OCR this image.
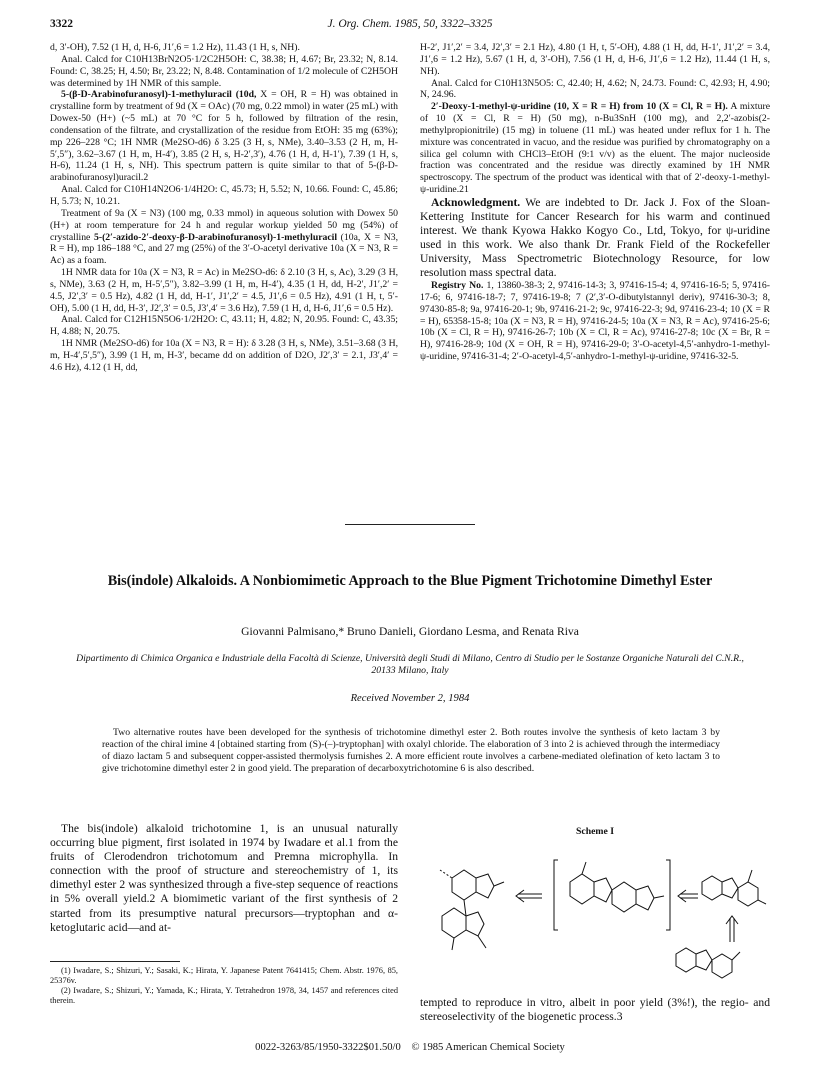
3322	J. Org. Chem. 1985, 50, 3322–3325

d, 3′-OH), 7.52 (1 H, d, H-6, J1′,6 = 1.2 Hz), 11.43 (1 H, s, NH).

Anal. Calcd for C10H13BrN2O5·1/2C2H5OH: C, 38.38; H, 4.67; Br, 23.32; N, 8.14. Found: C, 38.25; H, 4.50; Br, 23.22; N, 8.48. Contamination of 1/2 molecule of C2H5OH was determined by 1H NMR of this sample.

5-(β-D-Arabinofuranosyl)-1-methyluracil (10d, X = OH, R = H) was obtained in crystalline form by treatment of 9d (X = OAc) (70 mg, 0.22 mmol) in water (25 mL) with Dowex-50 (H+) (~5 mL) at 70 °C for 5 h, followed by filtration of the resin, condensation of the filtrate, and crystallization of the residue from EtOH: 35 mg (63%); mp 226–228 °C; 1H NMR (Me2SO-d6) δ 3.25 (3 H, s, NMe), 3.40–3.53 (2 H, m, H-5′,5″), 3.62–3.67 (1 H, m, H-4′), 3.85 (2 H, s, H-2′,3′), 4.76 (1 H, d, H-1′), 7.39 (1 H, s, H-6), 11.24 (1 H, s, NH). This spectrum pattern is quite similar to that of 5-(β-D-arabinofuranosyl)uracil.2

Anal. Calcd for C10H14N2O6·1/4H2O: C, 45.73; H, 5.52; N, 10.66. Found: C, 45.86; H, 5.73; N, 10.21.

Treatment of 9a (X = N3) (100 mg, 0.33 mmol) in aqueous solution with Dowex 50 (H+) at room temperature for 24 h and regular workup yielded 50 mg (54%) of crystalline 5-(2′-azido-2′-deoxy-β-D-arabinofuranosyl)-1-methyluracil (10a, X = N3, R = H), mp 186–188 °C, and 27 mg (25%) of the 3′-O-acetyl derivative 10a (X = N3, R = Ac) as a foam.

1H NMR data for 10a (X = N3, R = Ac) in Me2SO-d6: δ 2.10 (3 H, s, Ac), 3.29 (3 H, s, NMe), 3.63 (2 H, m, H-5′,5″), 3.82–3.99 (1 H, m, H-4′), 4.35 (1 H, dd, H-2′, J1′,2′ = 4.5, J2′,3′ = 0.5 Hz), 4.82 (1 H, dd, H-1′, J1′,2′ = 4.5, J1′,6 = 0.5 Hz), 4.91 (1 H, t, 5′-OH), 5.00 (1 H, dd, H-3′, J2′,3′ = 0.5, J3′,4′ = 3.6 Hz), 7.59 (1 H, d, H-6, J1′,6 = 0.5 Hz).

Anal. Calcd for C12H15N5O6·1/2H2O: C, 43.11; H, 4.82; N, 20.95. Found: C, 43.35; H, 4.88; N, 20.75.

1H NMR (Me2SO-d6) for 10a (X = N3, R = H): δ 3.28 (3 H, s, NMe), 3.51–3.68 (3 H, m, H-4′,5′,5″), 3.99 (1 H, m, H-3′, became dd on addition of D2O, J2′,3′ = 2.1, J3′,4′ = 4.6 Hz), 4.12 (1 H, dd,

H-2′, J1′,2′ = 3.4, J2′,3′ = 2.1 Hz), 4.80 (1 H, t, 5′-OH), 4.88 (1 H, dd, H-1′, J1′,2′ = 3.4, J1′,6 = 1.2 Hz), 5.67 (1 H, d, 3′-OH), 7.56 (1 H, d, H-6, J1′,6 = 1.2 Hz), 11.44 (1 H, s, NH).

Anal. Calcd for C10H13N5O5: C, 42.40; H, 4.62; N, 24.73. Found: C, 42.93; H, 4.90; N, 24.96.

2′-Deoxy-1-methyl-ψ-uridine (10, X = R = H) from 10 (X = Cl, R = H). A mixture of 10 (X = Cl, R = H) (50 mg), n-Bu3SnH (100 mg), and 2,2′-azobis(2-methylpropionitrile) (15 mg) in toluene (11 mL) was heated under reflux for 1 h. The mixture was concentrated in vacuo, and the residue was purified by chromatography on a silica gel column with CHCl3–EtOH (9:1 v/v) as the eluent. The major nucleoside fraction was concentrated and the residue was directly examined by 1H NMR spectroscopy. The spectrum of the product was identical with that of 2′-deoxy-1-methyl-ψ-uridine.21

Acknowledgment. We are indebted to Dr. Jack J. Fox of the Sloan-Kettering Institute for Cancer Research for his warm and continued interest. We thank Kyowa Hakko Kogyo Co., Ltd, Tokyo, for ψ-uridine used in this work. We also thank Dr. Frank Field of the Rockefeller University, Mass Spectrometric Biotechnology Resource, for low resolution mass spectral data.

Registry No. 1, 13860-38-3; 2, 97416-14-3; 3, 97416-15-4; 4, 97416-16-5; 5, 97416-17-6; 6, 97416-18-7; 7, 97416-19-8; 7 (2′,3′-O-dibutylstannyl deriv), 97416-30-3; 8, 97430-85-8; 9a, 97416-20-1; 9b, 97416-21-2; 9c, 97416-22-3; 9d, 97416-23-4; 10 (X = R = H), 65358-15-8; 10a (X = N3, R = H), 97416-24-5; 10a (X = N3, R = Ac), 97416-25-6; 10b (X = Cl, R = H), 97416-26-7; 10b (X = Cl, R = Ac), 97416-27-8; 10c (X = Br, R = H), 97416-28-9; 10d (X = OH, R = H), 97416-29-0; 3′-O-acetyl-4,5′-anhydro-1-methyl-ψ-uridine, 97416-31-4; 2′-O-acetyl-4,5′-anhydro-1-methyl-ψ-uridine, 97416-32-5.

Bis(indole) Alkaloids. A Nonbiomimetic Approach to the Blue Pigment Trichotomine Dimethyl Ester
Giovanni Palmisano,* Bruno Danieli, Giordano Lesma, and Renata Riva
Dipartimento di Chimica Organica e Industriale della Facoltà di Scienze, Università degli Studi di Milano, Centro di Studio per le Sostanze Organiche Naturali del C.N.R., 20133 Milano, Italy
Received November 2, 1984

Two alternative routes have been developed for the synthesis of trichotomine dimethyl ester 2. Both routes involve the synthesis of keto lactam 3 by reaction of the chiral imine 4 [obtained starting from (S)-(–)-tryptophan] with oxalyl chloride. The elaboration of 3 into 2 is achieved through the intermediacy of diazo lactam 5 and subsequent copper-assisted thermolysis furnishes 2. A more efficient route involves a carbene-mediated olefination of keto lactam 3 to give trichotomine dimethyl ester 2 in good yield. The preparation of decarboxytrichotomine 6 is also described.

The bis(indole) alkaloid trichotomine 1, is an unusual naturally occurring blue pigment, first isolated in 1974 by Iwadare et al.1 from the fruits of Clerodendron trichotomum and Premna microphylla. In connection with the proof of structure and stereochemistry of 1, its dimethyl ester 2 was synthesized through a five-step sequence of reactions in 5% overall yield.2 A biomimetic variant of the first synthesis of 2 started from its presumptive natural precursors—tryptophan and α-ketoglutaric acid—and at-

(1) Iwadare, S.; Shizuri, Y.; Sasaki, K.; Hirata, Y. Japanese Patent 7641415; Chem. Abstr. 1976, 85, 25376v.

(2) Iwadare, S.; Shizuri, Y.; Yamada, K.; Hirata, Y. Tetrahedron 1978, 34, 1457 and references cited therein.

Scheme I

tempted to reproduce in vitro, albeit in poor yield (3%!), the regio- and stereoselectivity of the biogenetic process.3

0022-3263/85/1950-3322$01.50/0 © 1985 American Chemical Society
